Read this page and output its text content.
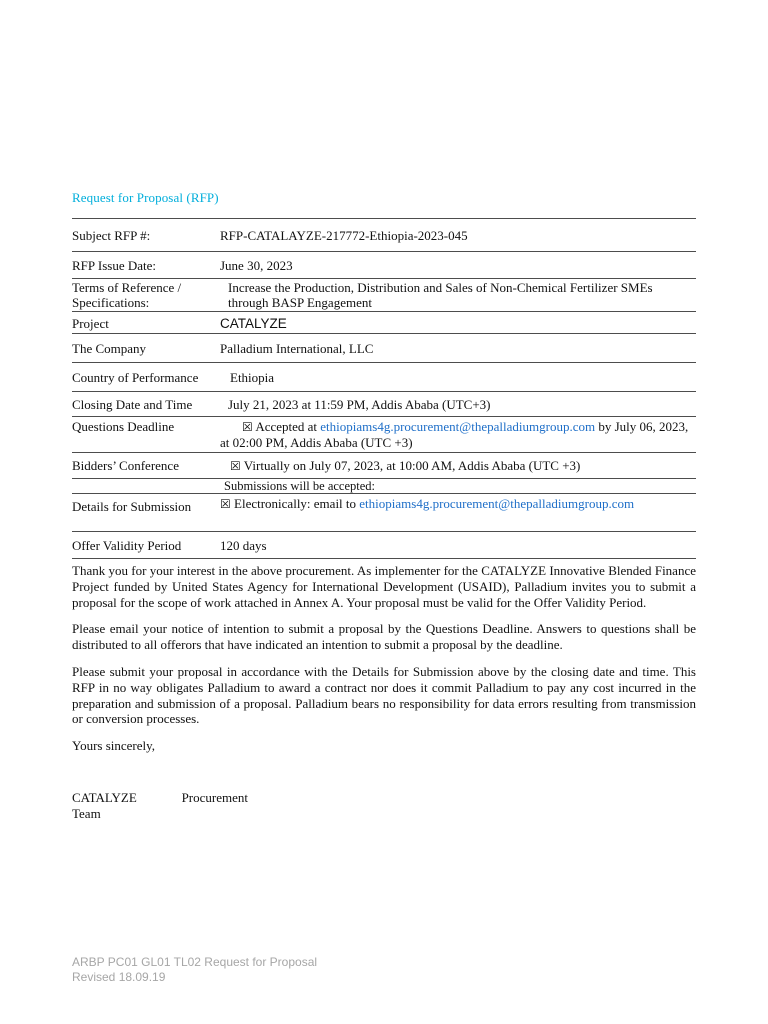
Request for Proposal (RFP)
Subject RFP #:	RFP-CATALAYZE-217772-Ethiopia-2023-045
RFP Issue Date:	June 30, 2023
Terms of Reference / Specifications:	Increase the Production, Distribution and Sales of Non-Chemical Fertilizer SMEs through BASP Engagement
Project	CATALYZE
The Company	Palladium International, LLC
Country of Performance	Ethiopia
Closing Date and Time	July 21, 2023 at 11:59 PM, Addis Ababa (UTC+3)
Questions Deadline	☒ Accepted at ethiopiams4g.procurement@thepalladiumgroup.com by July 06, 2023, at 02:00 PM, Addis Ababa (UTC +3)
Bidders’ Conference	☒ Virtually on July 07, 2023, at 10:00 AM, Addis Ababa (UTC +3)
	Submissions will be accepted:
Details for Submission	☒ Electronically: email to ethiopiams4g.procurement@thepalladiumgroup.com
Offer Validity Period	120 days

Thank you for your interest in the above procurement. As implementer for the CATALYZE Innovative Blended Finance Project funded by United States Agency for International Development (USAID), Palladium invites you to submit a proposal for the scope of work attached in Annex A. Your proposal must be valid for the Offer Validity Period.

Please email your notice of intention to submit a proposal by the Questions Deadline. Answers to questions shall be distributed to all offerors that have indicated an intention to submit a proposal by the deadline.

Please submit your proposal in accordance with the Details for Submission above by the closing date and time. This RFP in no way obligates Palladium to award a contract nor does it commit Palladium to pay any cost incurred in the preparation and submission of a proposal. Palladium bears no responsibility for data errors resulting from transmission or conversion processes.

Yours sincerely,

CATALYZE	Procurement
Team
ARBP PC01 GL01 TL02 Request for Proposal
Revised 18.09.19
